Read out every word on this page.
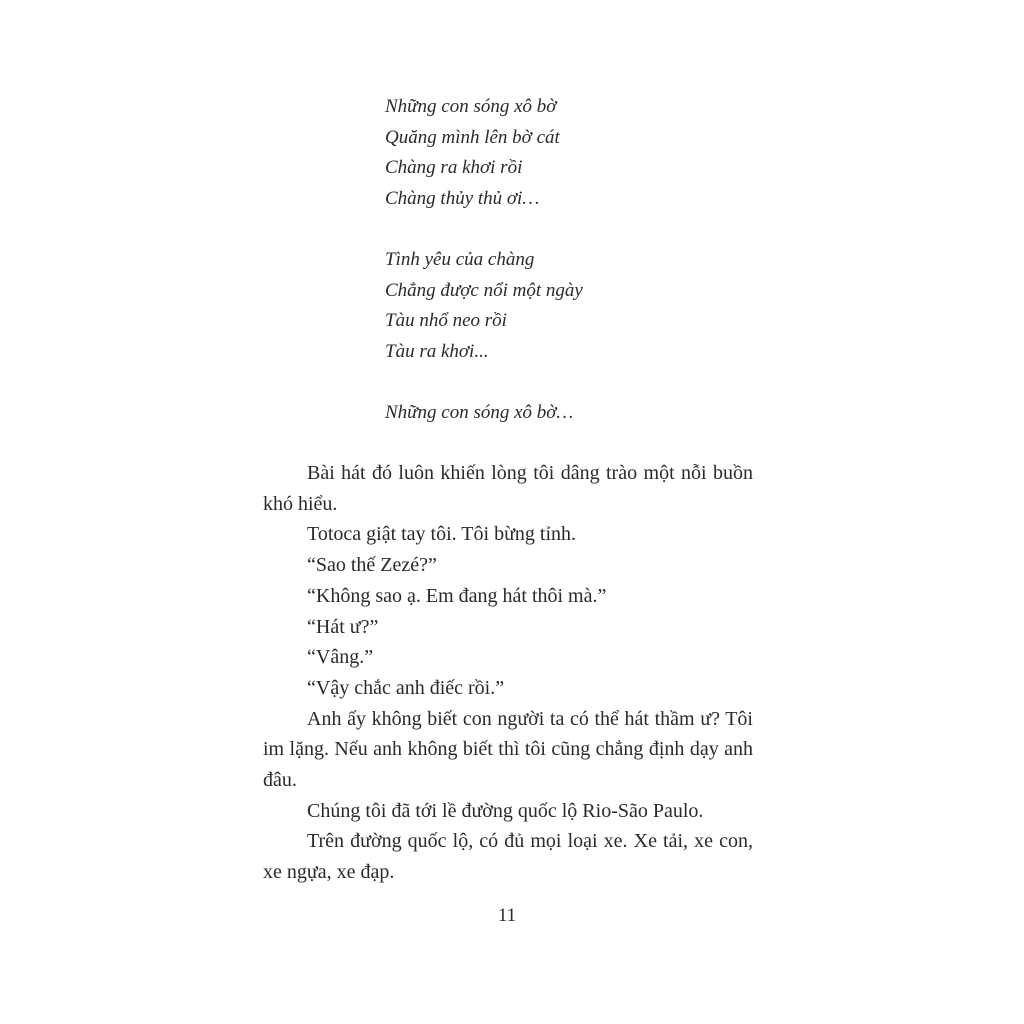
Những con sóng xô bờ
Quăng mình lên bờ cát
Chàng ra khơi rồi
Chàng thủy thủ ơi…
Tình yêu của chàng
Chẳng được nổi một ngày
Tàu nhổ neo rồi
Tàu ra khơi...
Những con sóng xô bờ…

Bài hát đó luôn khiến lòng tôi dâng trào một nỗi buồn khó hiểu.

Totoca giật tay tôi. Tôi bừng tỉnh.

“Sao thế Zezé?”

“Không sao ạ. Em đang hát thôi mà.”

“Hát ư?”

“Vâng.”

“Vậy chắc anh điếc rồi.”

Anh ấy không biết con người ta có thể hát thầm ư? Tôi im lặng. Nếu anh không biết thì tôi cũng chẳng định dạy anh đâu.

Chúng tôi đã tới lề đường quốc lộ Rio-São Paulo.

Trên đường quốc lộ, có đủ mọi loại xe. Xe tải, xe con, xe ngựa, xe đạp.

11
